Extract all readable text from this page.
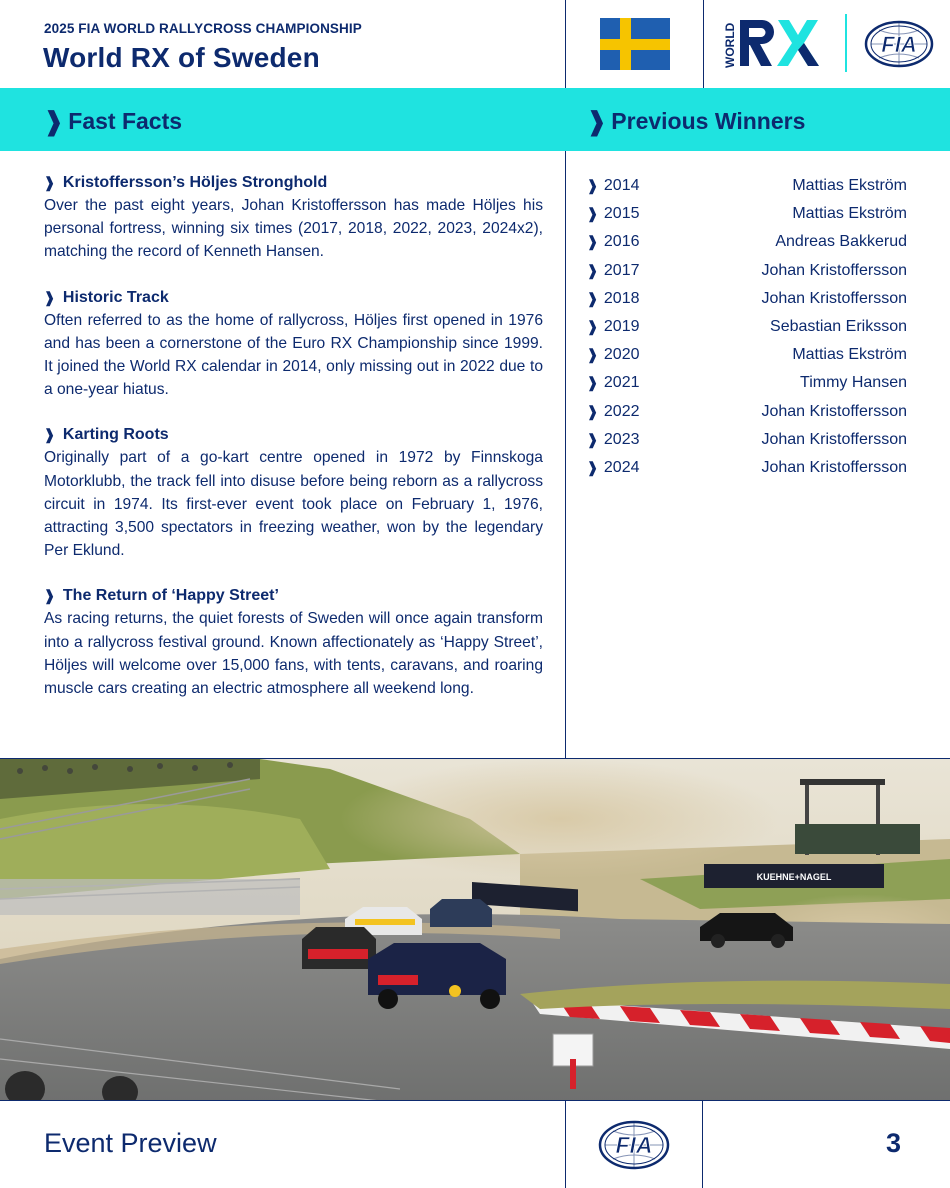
2025 FIA WORLD RALLYCROSS CHAMPIONSHIP
World RX of Sweden	WORLD	FIA
❱ Fast Facts	❱ Previous Winners
❱ Kristoffersson’s Höljes Stronghold
Over the past eight years, Johan Kristoffersson has made Höljes his personal fortress, winning six times (2017, 2018, 2022, 2023, 2024x2), matching the record of Kenneth Hansen.
❱ Historic Track
Often referred to as the home of rallycross, Höljes first opened in 1976 and has been a cornerstone of the Euro RX Championship since 1999. It joined the World RX calendar in 2014, only missing out in 2022 due to a one-year hiatus.
❱ Karting Roots
Originally part of a go-kart centre opened in 1972 by Finnskoga Motorklubb, the track fell into disuse before being reborn as a rallycross circuit in 1974. Its first-ever event took place on February 1, 1976, attracting 3,500 spectators in freezing weather, won by the legendary Per Eklund.
❱ The Return of ‘Happy Street’
As racing returns, the quiet forests of Sweden will once again transform into a rallycross festival ground. Known affectionately as ‘Happy Street’, Höljes will welcome over 15,000 fans, with tents, caravans, and roaring muscle cars creating an electric atmosphere all weekend long.
❱ 2014	Mattias Ekström
❱ 2015	Mattias Ekström
❱ 2016	Andreas Bakkerud
❱ 2017	Johan Kristoffersson
❱ 2018	Johan Kristoffersson
❱ 2019	Sebastian Eriksson
❱ 2020	Mattias Ekström
❱ 2021	Timmy Hansen
❱ 2022	Johan Kristoffersson
❱ 2023	Johan Kristoffersson
❱ 2024	Johan Kristoffersson
KUEHNE+NAGEL
Event Preview	FIA	3
